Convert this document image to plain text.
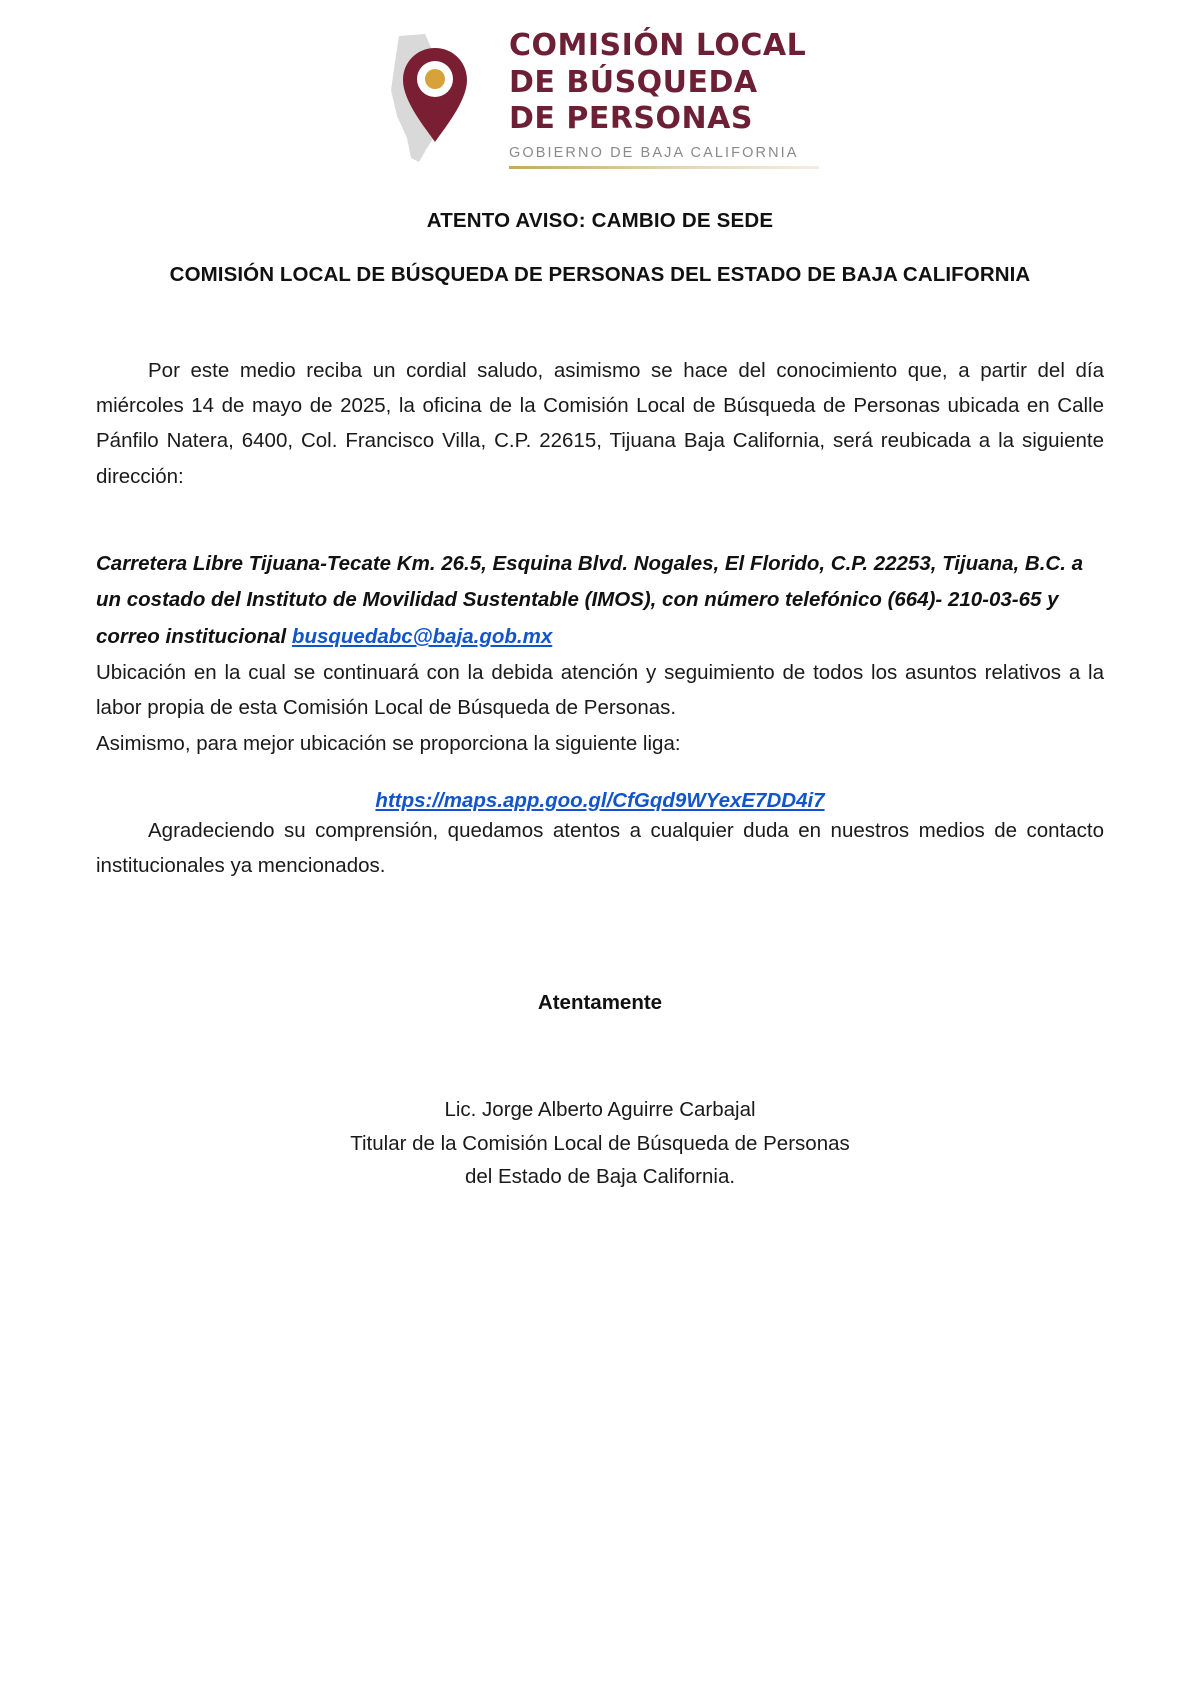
COMISIÓN LOCAL
DE BÚSQUEDA
DE PERSONAS
GOBIERNO DE BAJA CALIFORNIA
ATENTO AVISO: CAMBIO DE SEDE
COMISIÓN LOCAL DE BÚSQUEDA DE PERSONAS DEL ESTADO DE BAJA CALIFORNIA

Por este medio reciba un cordial saludo, asimismo se hace del conocimiento que, a partir del día miércoles 14 de mayo de 2025, la oficina de la Comisión Local de Búsqueda de Personas ubicada en Calle Pánfilo Natera, 6400, Col. Francisco Villa, C.P. 22615, Tijuana Baja California, será reubicada a la siguiente dirección:

Carretera Libre Tijuana-Tecate Km. 26.5, Esquina Blvd. Nogales, El Florido, C.P. 22253, Tijuana, B.C. a un costado del Instituto de Movilidad Sustentable (IMOS), con número telefónico (664)- 210-03-65 y correo institucional busquedabc@baja.gob.mx

Ubicación en la cual se continuará con la debida atención y seguimiento de todos los asuntos relativos a la labor propia de esta Comisión Local de Búsqueda de Personas.

Asimismo, para mejor ubicación se proporciona la siguiente liga:

https://maps.app.goo.gl/CfGqd9WYexE7DD4i7

Agradeciendo su comprensión, quedamos atentos a cualquier duda en nuestros medios de contacto institucionales ya mencionados.

Atentamente
Lic. Jorge Alberto Aguirre Carbajal
Titular de la Comisión Local de Búsqueda de Personas
del Estado de Baja California.
